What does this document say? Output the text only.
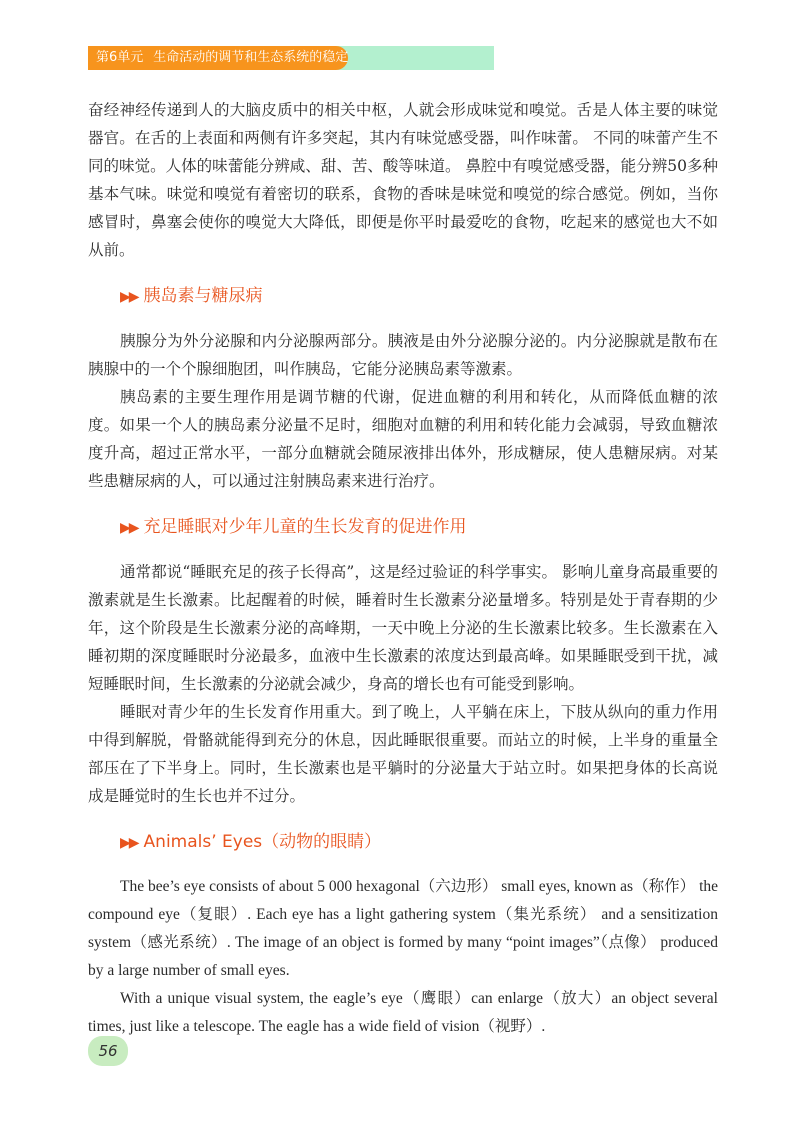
第6单元 生命活动的调节和生态系统的稳定

奋经神经传递到人的大脑皮质中的相关中枢，人就会形成味觉和嗅觉。舌是人体主要的味觉器官。在舌的上表面和两侧有许多突起，其内有味觉感受器，叫作味蕾。 不同的味蕾产生不同的味觉。人体的味蕾能分辨咸、甜、苦、酸等味道。 鼻腔中有嗅觉感受器，能分辨50多种基本气味。味觉和嗅觉有着密切的联系，食物的香味是味觉和嗅觉的综合感觉。例如，当你感冒时，鼻塞会使你的嗅觉大大降低，即便是你平时最爱吃的食物，吃起来的感觉也大不如从前。

▶▶ 胰岛素与糖尿病

胰腺分为外分泌腺和内分泌腺两部分。胰液是由外分泌腺分泌的。内分泌腺就是散布在胰腺中的一个个腺细胞团，叫作胰岛，它能分泌胰岛素等激素。

胰岛素的主要生理作用是调节糖的代谢，促进血糖的利用和转化，从而降低血糖的浓度。如果一个人的胰岛素分泌量不足时，细胞对血糖的利用和转化能力会减弱，导致血糖浓度升高，超过正常水平，一部分血糖就会随尿液排出体外，形成糖尿，使人患糖尿病。对某些患糖尿病的人，可以通过注射胰岛素来进行治疗。

▶▶ 充足睡眠对少年儿童的生长发育的促进作用

通常都说“睡眠充足的孩子长得高”，这是经过验证的科学事实。 影响儿童身高最重要的激素就是生长激素。比起醒着的时候，睡着时生长激素分泌量增多。特别是处于青春期的少年，这个阶段是生长激素分泌的高峰期，一天中晚上分泌的生长激素比较多。生长激素在入睡初期的深度睡眠时分泌最多，血液中生长激素的浓度达到最高峰。如果睡眠受到干扰，减短睡眠时间，生长激素的分泌就会减少，身高的增长也有可能受到影响。

睡眠对青少年的生长发育作用重大。到了晚上，人平躺在床上，下肢从纵向的重力作用中得到解脱，骨骼就能得到充分的休息，因此睡眠很重要。而站立的时候，上半身的重量全部压在了下半身上。同时，生长激素也是平躺时的分泌量大于站立时。如果把身体的长高说成是睡觉时的生长也并不过分。

▶▶ Animals’ Eyes（动物的眼睛）

The bee’s eye consists of about 5 000 hexagonal（六边形） small eyes, known as（称作） the compound eye（复眼）. Each eye has a light gathering system（集光系统） and a sensitization system（感光系统）. The image of an object is formed by many “point images”（点像） produced by a large number of small eyes.

With a unique visual system, the eagle’s eye（鹰眼）can enlarge（放大）an object several times, just like a telescope. The eagle has a wide field of vision（视野）.

56
